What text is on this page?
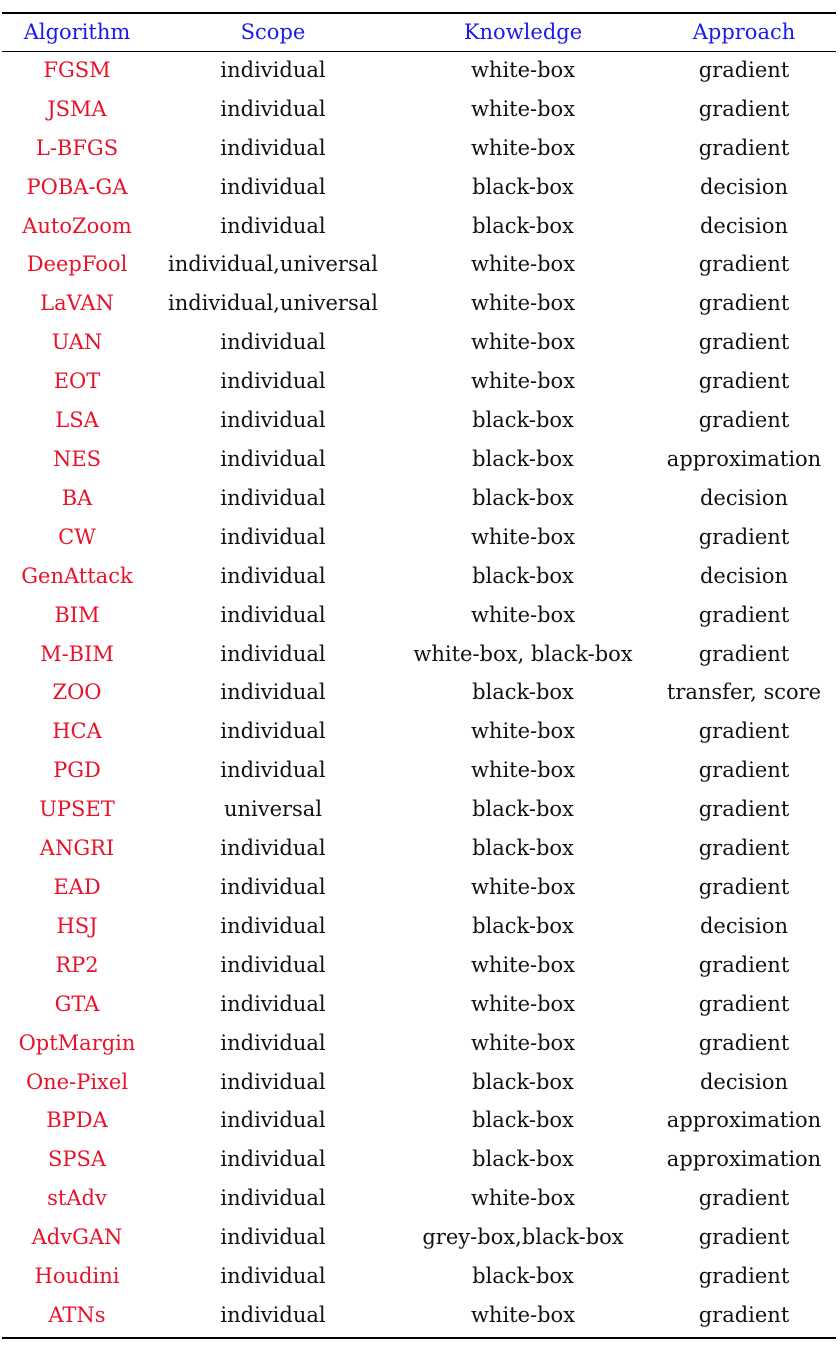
Algorithm	Scope	Knowledge	Approach
FGSM	individual	white-box	gradient
JSMA	individual	white-box	gradient
L-BFGS	individual	white-box	gradient
POBA-GA	individual	black-box	decision
AutoZoom	individual	black-box	decision
DeepFool	individual,universal	white-box	gradient
LaVAN	individual,universal	white-box	gradient
UAN	individual	white-box	gradient
EOT	individual	white-box	gradient
LSA	individual	black-box	gradient
NES	individual	black-box	approximation
BA	individual	black-box	decision
CW	individual	white-box	gradient
GenAttack	individual	black-box	decision
BIM	individual	white-box	gradient
M-BIM	individual	white-box, black-box	gradient
ZOO	individual	black-box	transfer, score
HCA	individual	white-box	gradient
PGD	individual	white-box	gradient
UPSET	universal	black-box	gradient
ANGRI	individual	black-box	gradient
EAD	individual	white-box	gradient
HSJ	individual	black-box	decision
RP2	individual	white-box	gradient
GTA	individual	white-box	gradient
OptMargin	individual	white-box	gradient
One-Pixel	individual	black-box	decision
BPDA	individual	black-box	approximation
SPSA	individual	black-box	approximation
stAdv	individual	white-box	gradient
AdvGAN	individual	grey-box,black-box	gradient
Houdini	individual	black-box	gradient
ATNs	individual	white-box	gradient
